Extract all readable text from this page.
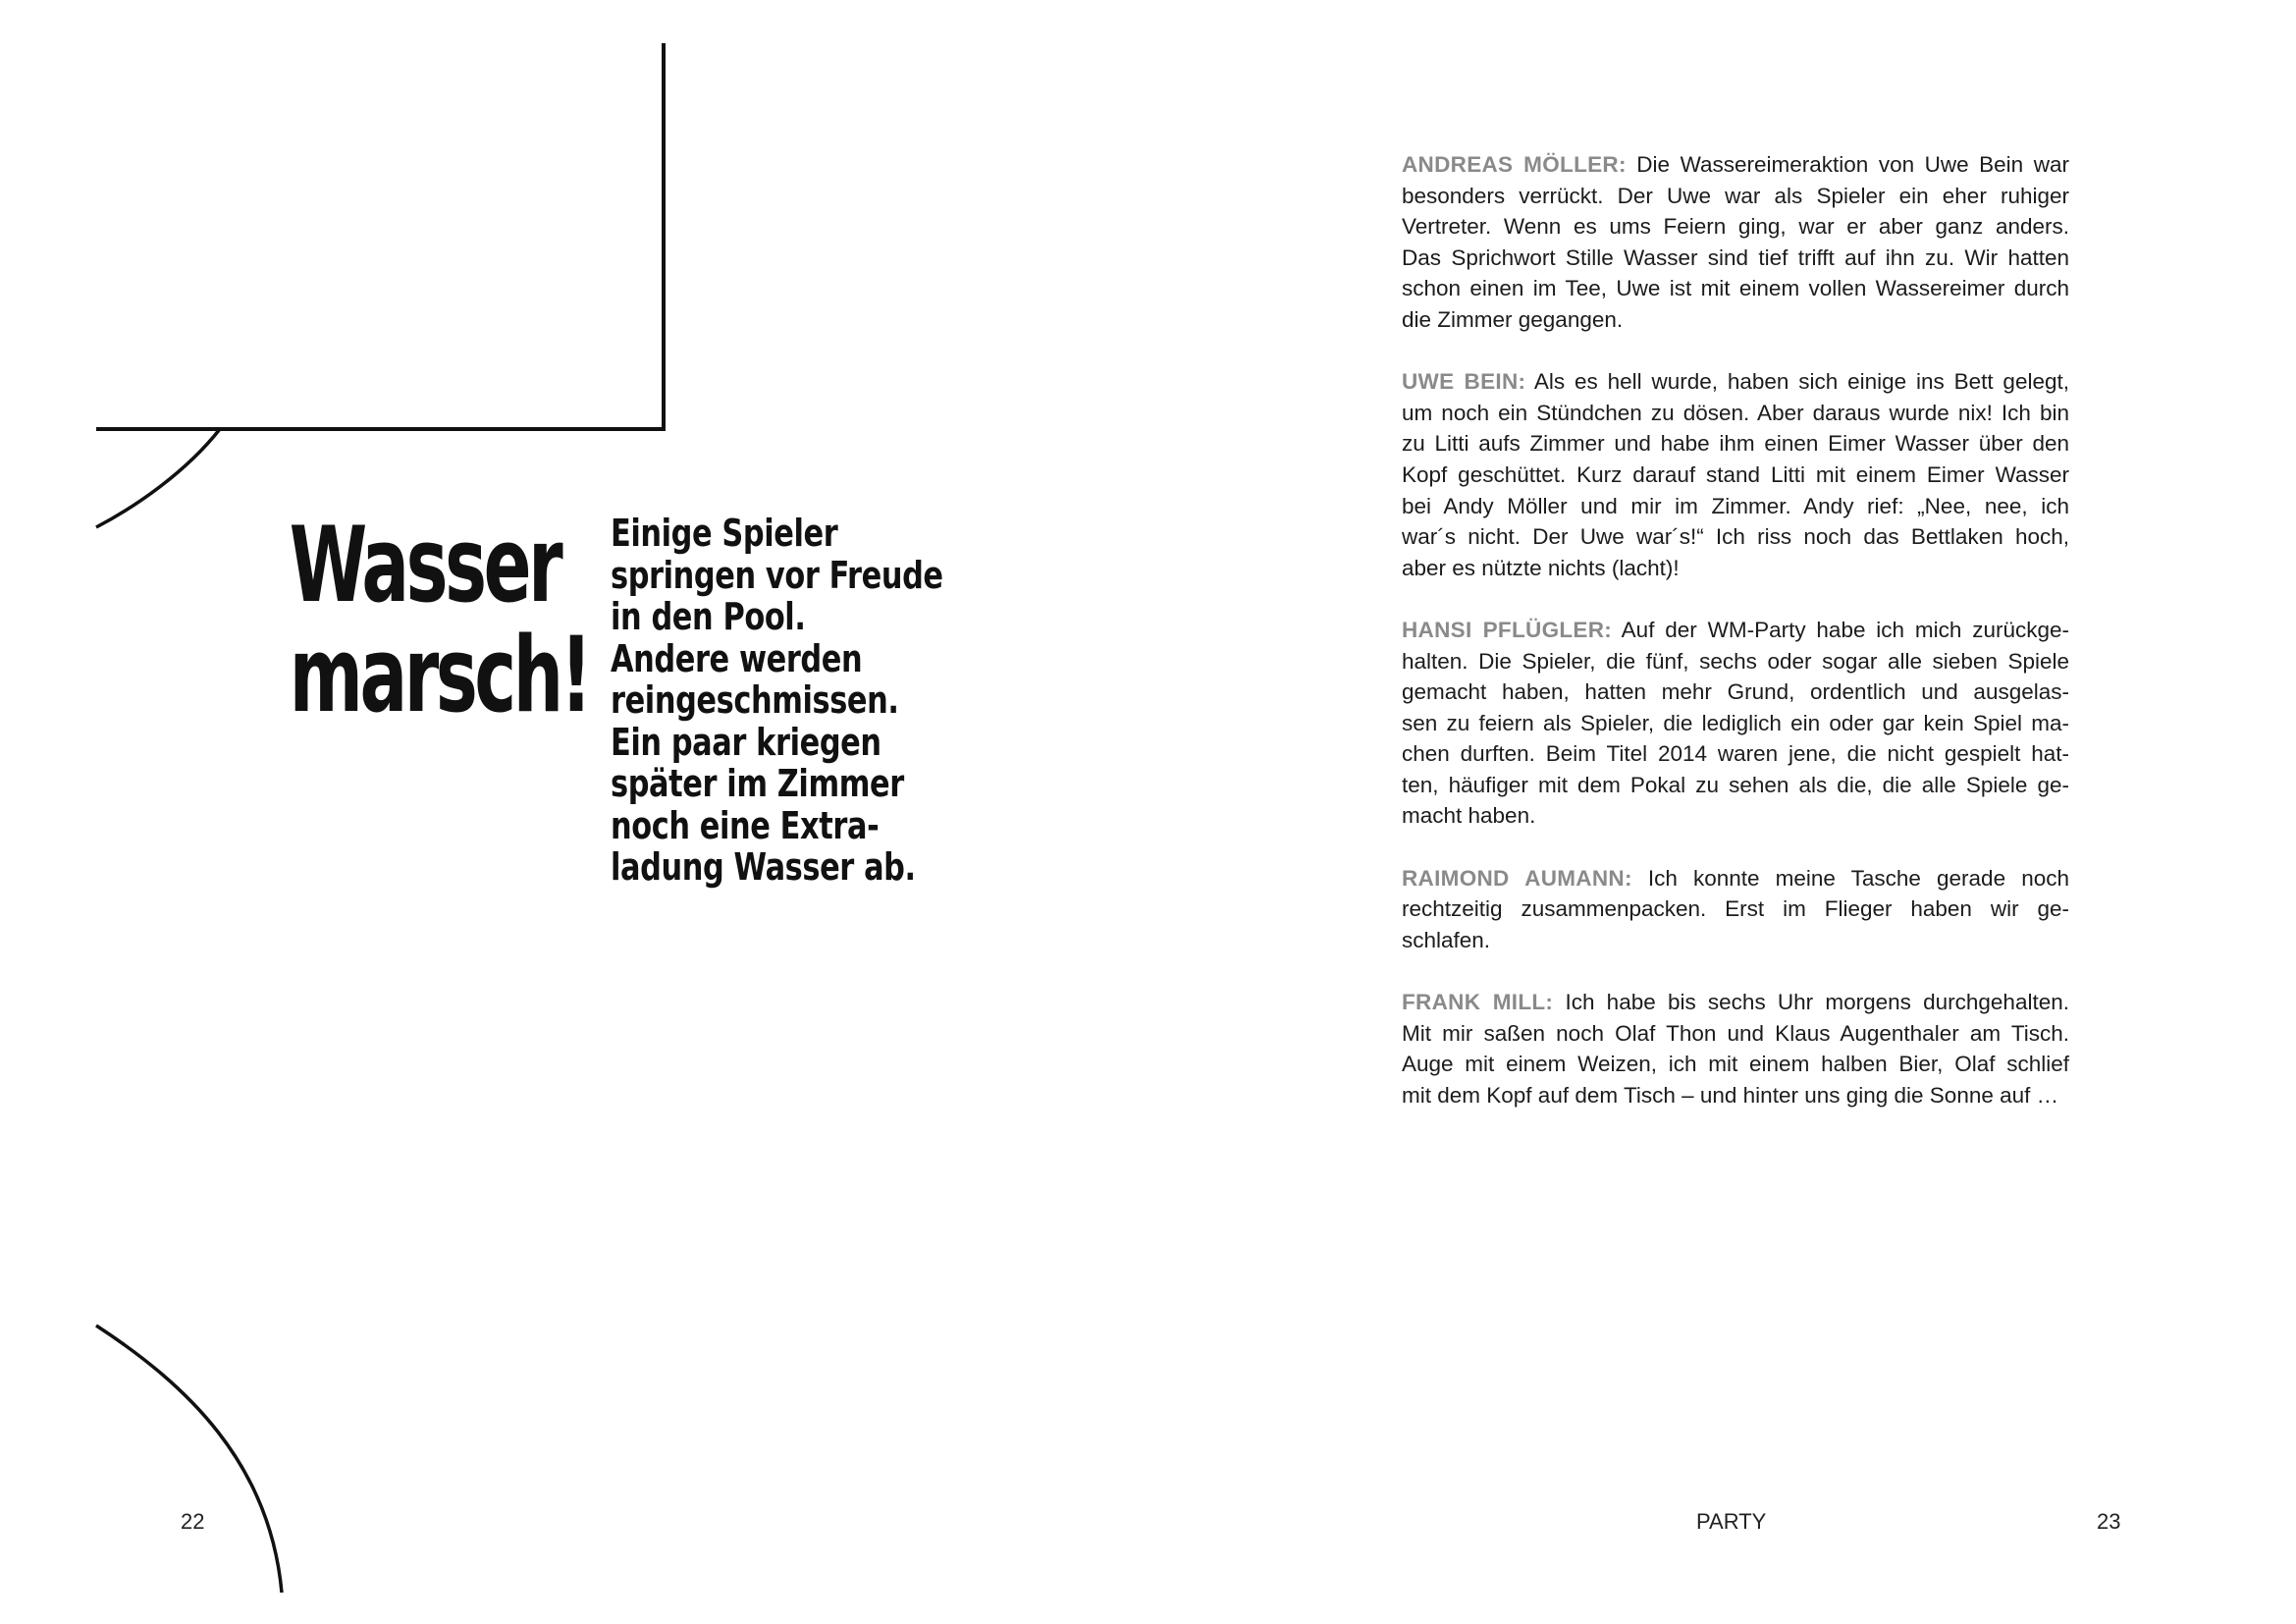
Wasser
marsch!
Einige Spieler
springen vor Freude
in den Pool.
Andere werden
reingeschmissen.
Ein paar kriegen
später im Zimmer
noch eine Extra-
ladung Wasser ab.
ANDREAS MÖLLER: Die Wassereimeraktion von Uwe Bein war
besonders verrückt. Der Uwe war als Spieler ein eher ruhiger
Vertreter. Wenn es ums Feiern ging, war er aber ganz anders.
Das Sprichwort Stille Wasser sind tief trifft auf ihn zu. Wir hatten
schon einen im Tee, Uwe ist mit einem vollen Wassereimer durch
die Zimmer gegangen.
UWE BEIN: Als es hell wurde, haben sich einige ins Bett gelegt,
um noch ein Stündchen zu dösen. Aber daraus wurde nix! Ich bin
zu Litti aufs Zimmer und habe ihm einen Eimer Wasser über den
Kopf geschüttet. Kurz darauf stand Litti mit einem Eimer Wasser
bei Andy Möller und mir im Zimmer. Andy rief: „Nee, nee, ich
war´s nicht. Der Uwe war´s!“ Ich riss noch das Bettlaken hoch,
aber es nützte nichts (lacht)!
HANSI PFLÜGLER: Auf der WM-Party habe ich mich zurückge-
halten. Die Spieler, die fünf, sechs oder sogar alle sieben Spiele
gemacht haben, hatten mehr Grund, ordentlich und ausgelas-
sen zu feiern als Spieler, die lediglich ein oder gar kein Spiel ma-
chen durften. Beim Titel 2014 waren jene, die nicht gespielt hat-
ten, häufiger mit dem Pokal zu sehen als die, die alle Spiele ge-
macht haben.
RAIMOND AUMANN: Ich konnte meine Tasche gerade noch
rechtzeitig zusammenpacken. Erst im Flieger haben wir ge-
schlafen.
FRANK MILL: Ich habe bis sechs Uhr morgens durchgehalten.
Mit mir saßen noch Olaf Thon und Klaus Augenthaler am Tisch.
Auge mit einem Weizen, ich mit einem halben Bier, Olaf schlief
mit dem Kopf auf dem Tisch – und hinter uns ging die Sonne auf …
22	PARTY	23
